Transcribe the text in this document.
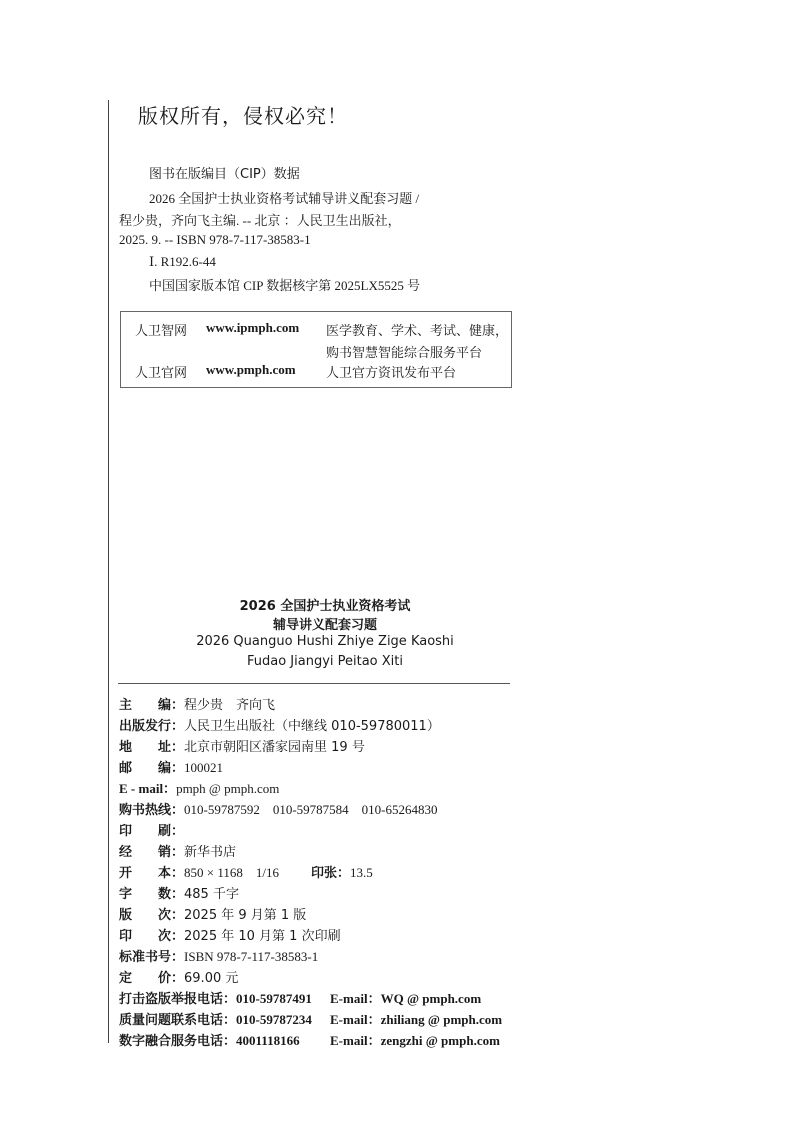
版权所有，侵权必究！
图书在版编目（CIP）数据
2026 全国护士执业资格考试辅导讲义配套习题 /
程少贵，齐向飞主编. -- 北京 ：人民卫生出版社，
2025. 9. -- ISBN 978-7-117-38583-1
Ⅰ. R192.6-44
中国国家版本馆 CIP 数据核字第 2025LX5525 号
人卫智网 www.ipmph.com 医学教育、学术、考试、健康，
购书智慧智能综合服务平台
人卫官网 www.pmph.com 人卫官方资讯发布平台
2026 全国护士执业资格考试
辅导讲义配套习题
2026 Quanguo Hushi Zhiye Zige Kaoshi
Fudao Jiangyi Peitao Xiti
主　　编：程少贵　齐向飞
出版发行：人民卫生出版社（中继线 010-59780011）
地　　址：北京市朝阳区潘家园南里 19 号
邮　　编：100021
E - mail：pmph @ pmph.com
购书热线：010-59787592　010-59787584　010-65264830
印　　刷：
经　　销：新华书店
开　　本：850 × 1168　1/16 印张：13.5
字　　数：485 千字
版　　次：2025 年 9 月第 1 版
印　　次：2025 年 10 月第 1 次印刷
标准书号：ISBN 978-7-117-38583-1
定　　价：69.00 元
打击盗版举报电话：010-59787491 E-mail：WQ @ pmph.com
质量问题联系电话：010-59787234 E-mail：zhiliang @ pmph.com
数字融合服务电话：4001118166 E-mail：zengzhi @ pmph.com
